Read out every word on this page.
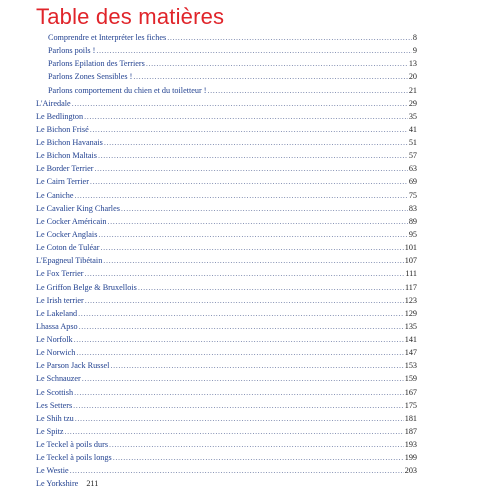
Table des matières
Comprendre et Interpréter les fiches .....	8
Parlons poils ! .....	9
Parlons Epilation des Terriers .....	13
Parlons Zones Sensibles ! .....	20
Parlons comportement du chien et du toiletteur ! .....	21
L'Airedale .....	29
Le Bedlington .....	35
Le Bichon Frisé .....	41
Le Bichon Havanais .....	51
Le Bichon Maltais .....	57
Le Border Terrier .....	63
Le Cairn Terrier .....	69
Le Caniche .....	75
Le Cavalier King Charles .....	83
Le Cocker Américain .....	89
Le Cocker Anglais .....	95
Le Coton de Tuléar .....	101
L'Epagneul Tibétain .....	107
Le Fox Terrier .....	111
Le Griffon Belge & Bruxellois .....	117
Le Irish terrier .....	123
Le Lakeland .....	129
Lhassa Apso .....	135
Le Norfolk .....	141
Le Norwich .....	147
Le Parson Jack Russel .....	153
Le Schnauzer .....	159
Le Scottish .....	167
Les Setters .....	175
Le Shih tzu .....	181
Le Spitz .....	187
Le Teckel à poils durs .....	193
Le Teckel à poils longs .....	199
Le Westie .....	203
Le Yorkshire 211
